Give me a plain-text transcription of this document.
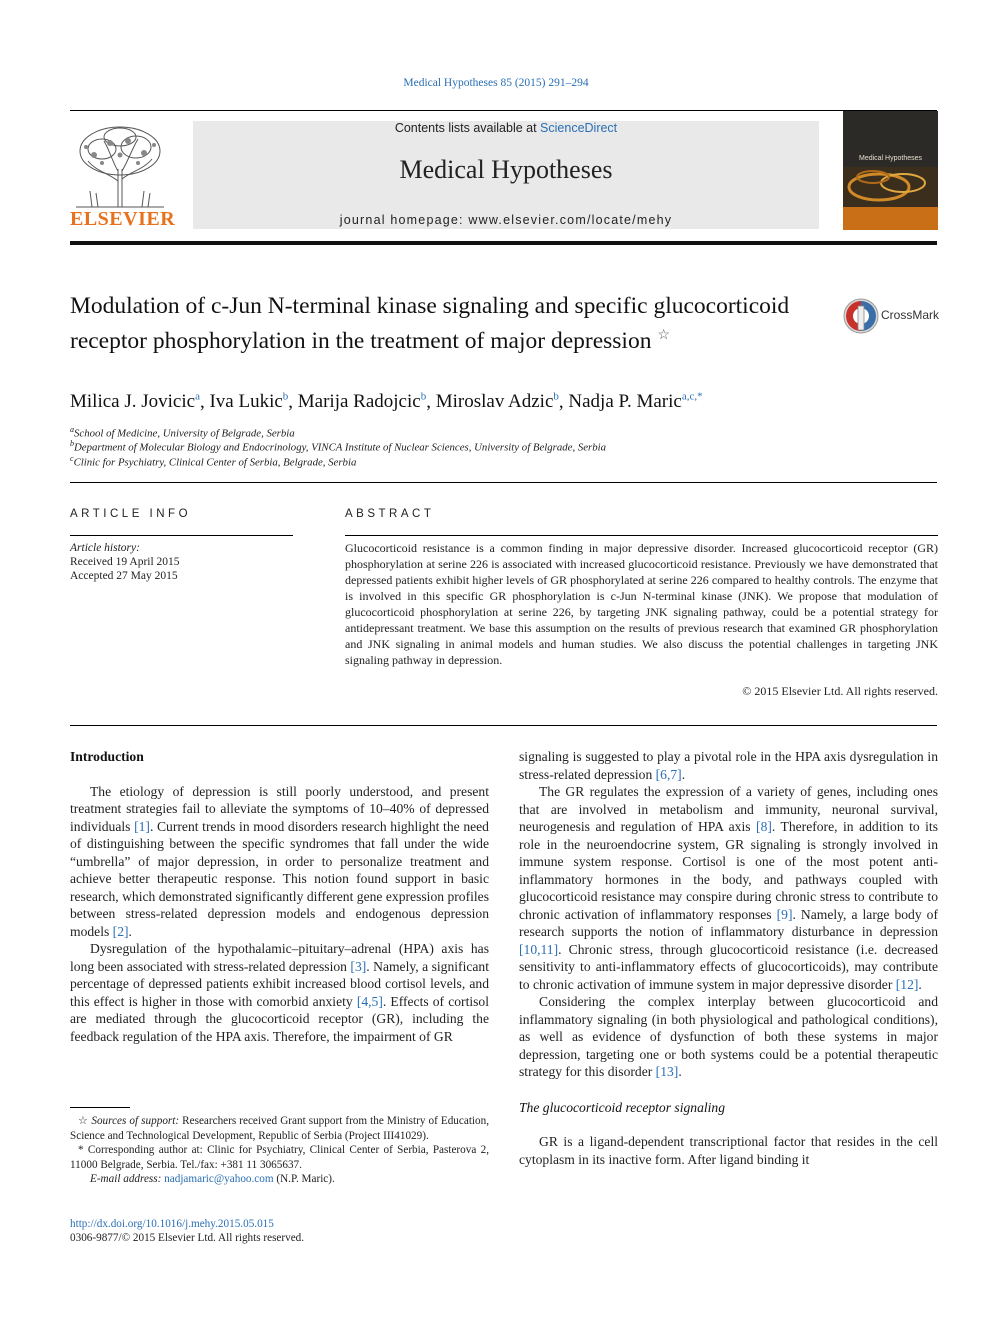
Medical Hypotheses 85 (2015) 291–294
ELSEVIER
Contents lists available at ScienceDirect
Medical Hypotheses
journal homepage: www.elsevier.com/locate/mehy
Medical Hypotheses
Modulation of c-Jun N-terminal kinase signaling and specific glucocorticoid receptor phosphorylation in the treatment of major depression ☆
CrossMark
Milica J. Jovicic$^a$, Iva Lukic$^b$, Marija Radojcic$^b$, Miroslav Adzic$^b$, Nadja P. Maric$^{a,c,*}$
$^a$School of Medicine, University of Belgrade, Serbia
$^b$Department of Molecular Biology and Endocrinology, VINCA Institute of Nuclear Sciences, University of Belgrade, Serbia
$^c$Clinic for Psychiatry, Clinical Center of Serbia, Belgrade, Serbia
ARTICLE INFO
Article history:
Received 19 April 2015
Accepted 27 May 2015
ABSTRACT
Glucocorticoid resistance is a common finding in major depressive disorder. Increased glucocorticoid receptor (GR) phosphorylation at serine 226 is associated with increased glucocorticoid resistance. Previously we have demonstrated that depressed patients exhibit higher levels of GR phosphorylated at serine 226 compared to healthy controls. The enzyme that is involved in this specific GR phosphorylation is c-Jun N-terminal kinase (JNK). We propose that modulation of glucocorticoid phosphorylation at serine 226, by targeting JNK signaling pathway, could be a potential strategy for antidepressant treatment. We base this assumption on the results of previous research that examined GR phosphorylation and JNK signaling in animal models and human studies. We also discuss the potential challenges in targeting JNK signaling pathway in depression.
© 2015 Elsevier Ltd. All rights reserved.
Introduction

The etiology of depression is still poorly understood, and present treatment strategies fail to alleviate the symptoms of 10–40% of depressed individuals [1]. Current trends in mood disorders research highlight the need of distinguishing between the specific syndromes that fall under the wide “umbrella” of major depression, in order to personalize treatment and achieve better therapeutic response. This notion found support in basic research, which demonstrated significantly different gene expression profiles between stress-related depression models and endogenous depression models [2].

Dysregulation of the hypothalamic–pituitary–adrenal (HPA) axis has long been associated with stress-related depression [3]. Namely, a significant percentage of depressed patients exhibit increased blood cortisol levels, and this effect is higher in those with comorbid anxiety [4,5]. Effects of cortisol are mediated through the glucocorticoid receptor (GR), including the feedback regulation of the HPA axis. Therefore, the impairment of GR

signaling is suggested to play a pivotal role in the HPA axis dysregulation in stress-related depression [6,7].

The GR regulates the expression of a variety of genes, including ones that are involved in metabolism and immunity, neuronal survival, neurogenesis and regulation of HPA axis [8]. Therefore, in addition to its role in the neuroendocrine system, GR signaling is strongly involved in immune system response. Cortisol is one of the most potent anti-inflammatory hormones in the body, and pathways coupled with glucocorticoid resistance may conspire during chronic stress to contribute to chronic activation of inflammatory responses [9]. Namely, a large body of research supports the notion of inflammatory disturbance in depression [10,11]. Chronic stress, through glucocorticoid resistance (i.e. decreased sensitivity to anti-inflammatory effects of glucocorticoids), may contribute to chronic activation of immune system in major depressive disorder [12].

Considering the complex interplay between glucocorticoid and inflammatory signaling (in both physiological and pathological conditions), as well as evidence of dysfunction of both these systems in major depression, targeting one or both systems could be a potential therapeutic strategy for this disorder [13].

The glucocorticoid receptor signaling

GR is a ligand-dependent transcriptional factor that resides in the cell cytoplasm in its inactive form. After ligand binding it

☆ Sources of support: Researchers received Grant support from the Ministry of Education, Science and Technological Development, Republic of Serbia (Project III41029).
* Corresponding author at: Clinic for Psychiatry, Clinical Center of Serbia, Pasterova 2, 11000 Belgrade, Serbia. Tel./fax: +381 11 3065637.
E-mail address: nadjamaric@yahoo.com (N.P. Maric).
http://dx.doi.org/10.1016/j.mehy.2015.05.015
0306-9877/© 2015 Elsevier Ltd. All rights reserved.
